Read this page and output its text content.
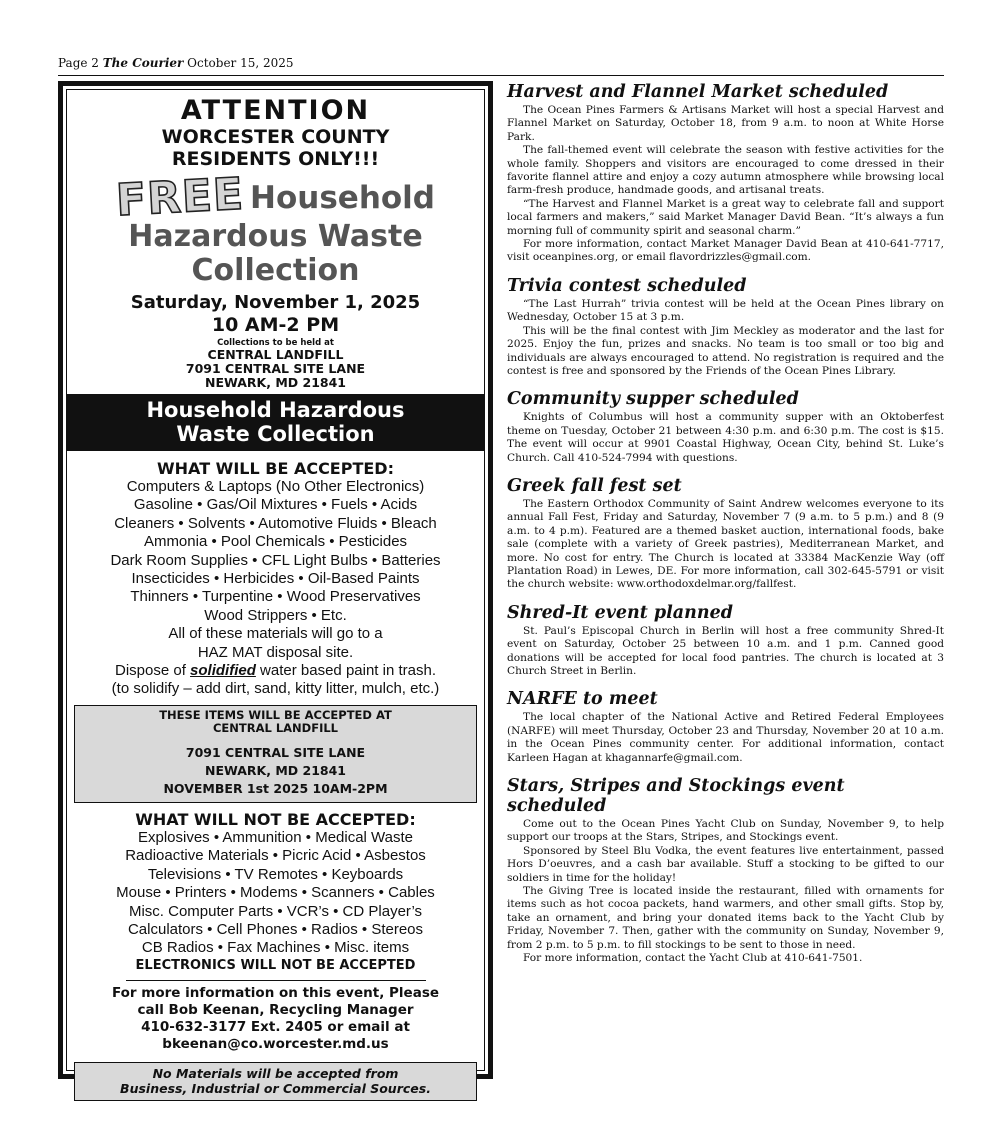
Page 2 The Courier October 15, 2025
ATTENTION
WORCESTER COUNTY
RESIDENTS ONLY!!!
FREE Household
Hazardous Waste
Collection
Saturday, November 1, 2025
10 AM-2 PM
Collections to be held at
CENTRAL LANDFILL
7091 CENTRAL SITE LANE
NEWARK, MD 21841
Household Hazardous
Waste Collection
WHAT WILL BE ACCEPTED:
Computers & Laptops (No Other Electronics)
Gasoline • Gas/Oil Mixtures • Fuels • Acids
Cleaners • Solvents • Automotive Fluids • Bleach
Ammonia • Pool Chemicals • Pesticides
Dark Room Supplies • CFL Light Bulbs • Batteries
Insecticides • Herbicides • Oil-Based Paints
Thinners • Turpentine • Wood Preservatives
Wood Strippers • Etc.
All of these materials will go to a
HAZ MAT disposal site.
Dispose of solidified water based paint in trash.
(to solidify – add dirt, sand, kitty litter, mulch, etc.)
THESE ITEMS WILL BE ACCEPTED AT
CENTRAL LANDFILL
7091 CENTRAL SITE LANE
NEWARK, MD 21841
NOVEMBER 1st 2025 10AM-2PM
WHAT WILL NOT BE ACCEPTED:
Explosives • Ammunition • Medical Waste
Radioactive Materials • Picric Acid • Asbestos
Televisions • TV Remotes • Keyboards
Mouse • Printers • Modems • Scanners • Cables
Misc. Computer Parts • VCR’s • CD Player’s
Calculators • Cell Phones • Radios • Stereos
CB Radios • Fax Machines • Misc. items
ELECTRONICS WILL NOT BE ACCEPTED
For more information on this event, Please
call Bob Keenan, Recycling Manager
410-632-3177 Ext. 2405 or email at
bkeenan@co.worcester.md.us
No Materials will be accepted from
Business, Industrial or Commercial Sources.
Harvest and Flannel Market scheduled

The Ocean Pines Farmers & Artisans Market will host a special Harvest and Flannel Market on Saturday, October 18, from 9 a.m. to noon at White Horse Park.

The fall-themed event will celebrate the season with festive activities for the whole family. Shoppers and visitors are encouraged to come dressed in their favorite flannel attire and enjoy a cozy autumn atmosphere while browsing local farm-fresh produce, handmade goods, and artisanal treats.

“The Harvest and Flannel Market is a great way to celebrate fall and support local farmers and makers,” said Market Manager David Bean. “It’s always a fun morning full of community spirit and seasonal charm.”

For more information, contact Market Manager David Bean at 410-641-7717, visit oceanpines.org, or email flavordrizzles@gmail.com.

Trivia contest scheduled

“The Last Hurrah” trivia contest will be held at the Ocean Pines library on Wednesday, October 15 at 3 p.m.

This will be the final contest with Jim Meckley as moderator and the last for 2025. Enjoy the fun, prizes and snacks. No team is too small or too big and individuals are always encouraged to attend. No registration is required and the contest is free and sponsored by the Friends of the Ocean Pines Library.

Community supper scheduled

Knights of Columbus will host a community supper with an Oktoberfest theme on Tuesday, October 21 between 4:30 p.m. and 6:30 p.m. The cost is $15. The event will occur at 9901 Coastal Highway, Ocean City, behind St. Luke’s Church. Call 410-524-7994 with questions.

Greek fall fest set

The Eastern Orthodox Community of Saint Andrew welcomes everyone to its annual Fall Fest, Friday and Saturday, November 7 (9 a.m. to 5 p.m.) and 8 (9 a.m. to 4 p.m). Featured are a themed basket auction, international foods, bake sale (complete with a variety of Greek pastries), Mediterranean Market, and more. No cost for entry. The Church is located at 33384 MacKenzie Way (off Plantation Road) in Lewes, DE. For more information, call 302-645-5791 or visit the church website: www.orthodoxdelmar.org/fallfest.

Shred-It event planned

St. Paul’s Episcopal Church in Berlin will host a free community Shred-It event on Saturday, October 25 between 10 a.m. and 1 p.m. Canned good donations will be accepted for local food pantries. The church is located at 3 Church Street in Berlin.

NARFE to meet

The local chapter of the National Active and Retired Federal Employees (NARFE) will meet Thursday, October 23 and Thursday, November 20 at 10 a.m. in the Ocean Pines community center. For additional information, contact Karleen Hagan at khagannarfe@gmail.com.

Stars, Stripes and Stockings event scheduled

Come out to the Ocean Pines Yacht Club on Sunday, November 9, to help support our troops at the Stars, Stripes, and Stockings event.

Sponsored by Steel Blu Vodka, the event features live entertainment, passed Hors D’oeuvres, and a cash bar available. Stuff a stocking to be gifted to our soldiers in time for the holiday!

The Giving Tree is located inside the restaurant, filled with ornaments for items such as hot cocoa packets, hand warmers, and other small gifts. Stop by, take an ornament, and bring your donated items back to the Yacht Club by Friday, November 7. Then, gather with the community on Sunday, November 9, from 2 p.m. to 5 p.m. to fill stockings to be sent to those in need.

For more information, contact the Yacht Club at 410-641-7501.
